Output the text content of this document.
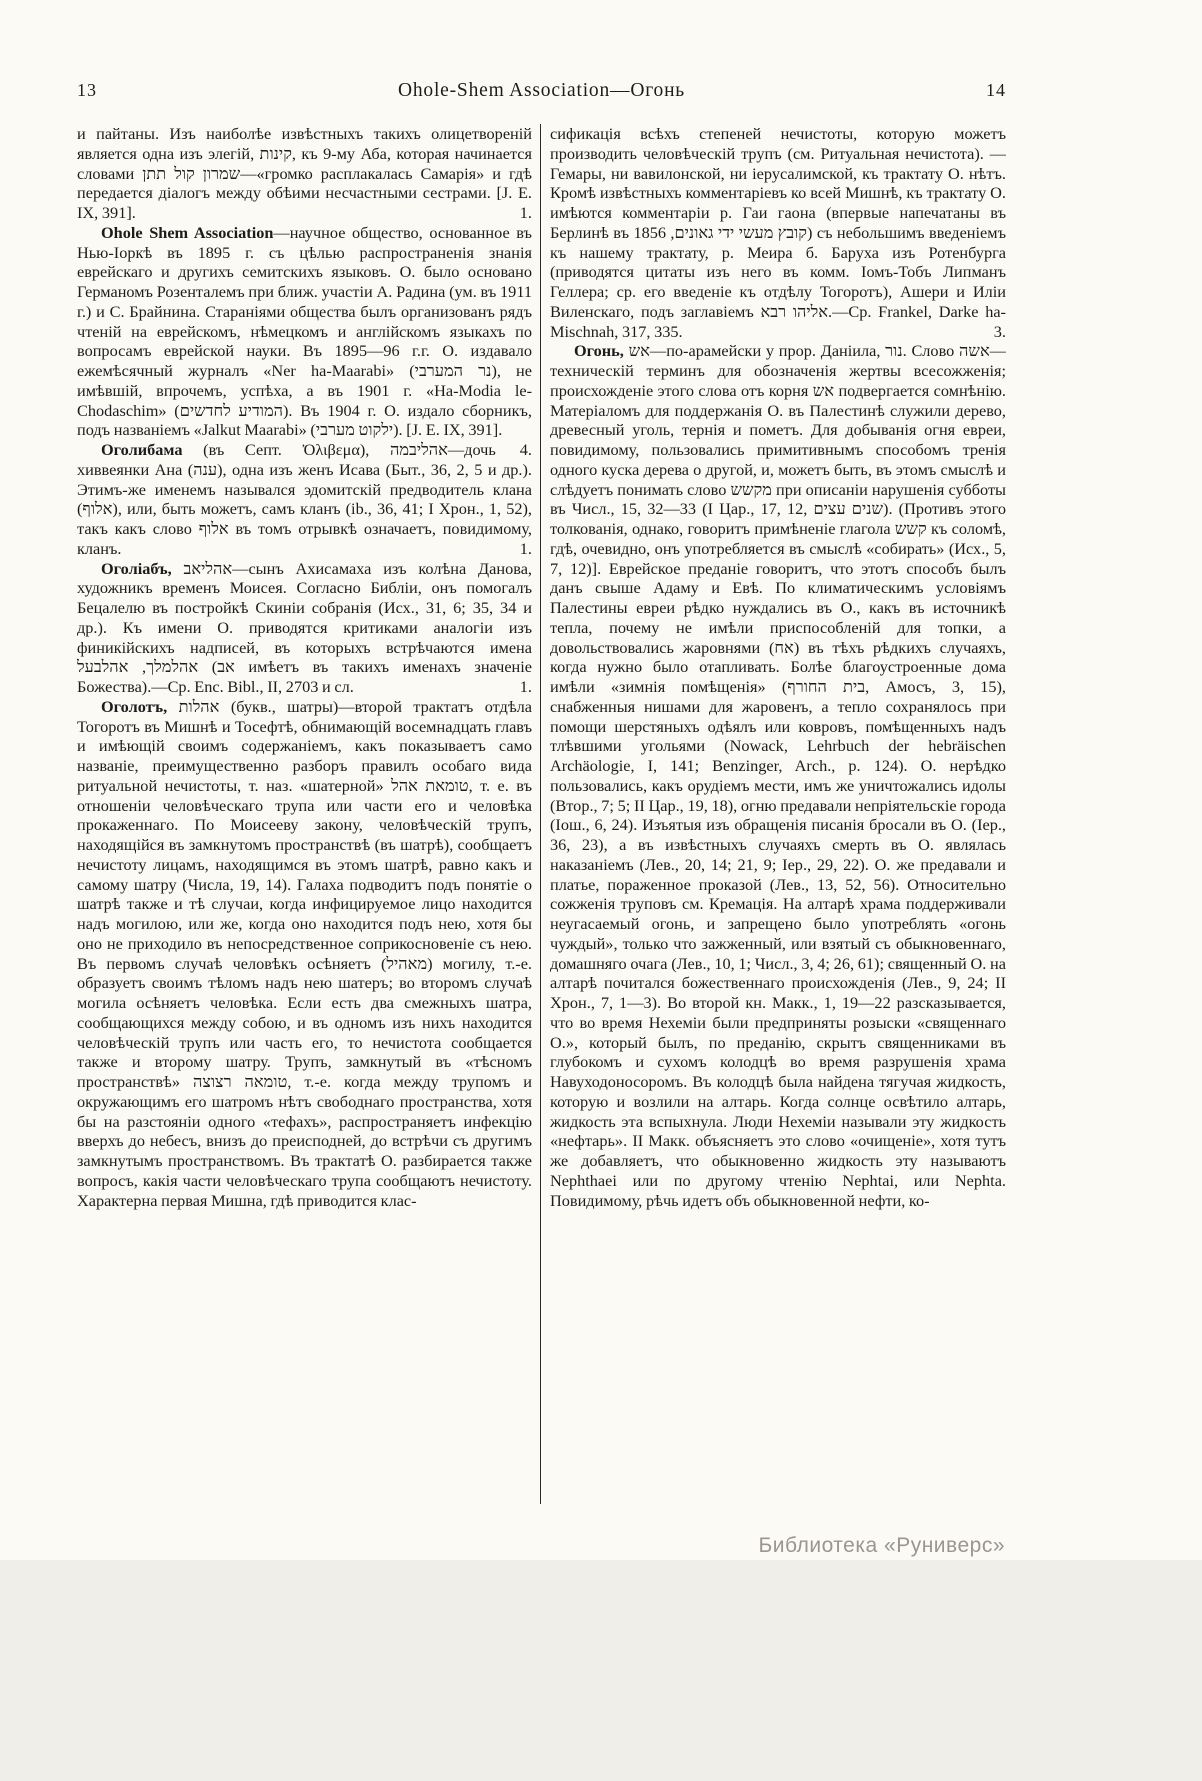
13	Ohole-Shem Association—Огонь	14

и пайтаны. Изъ наиболѣе извѣстныхъ такихъ олицетвореній является одна изъ элегій, קינות, къ 9-му Аба, которая начинается словами שמרון קול תתן—«громко расплакалась Самарія» и гдѣ передается діалогъ между обѣими несчастными сестрами. [J. E. IX, 391].	1.

Ohole Shem Association—научное общество, основанное въ Нью-Іоркѣ въ 1895 г. съ цѣлью распространенія знанія еврейскаго и другихъ семитскихъ языковъ. О. было основано Германомъ Розенталемъ при ближ. участіи А. Радина (ум. въ 1911 г.) и С. Брайнина. Стараніями общества былъ организованъ рядъ чтеній на еврейскомъ, нѣмецкомъ и англійскомъ языкахъ по вопросамъ еврейской науки. Въ 1895—96 г.г. О. издавало ежемѣсячный журналъ «Ner ha-Maarabi» (נר המערבי), не имѣвшій, впрочемъ, успѣха, а въ 1901 г. «Ha-Modia le-Chodaschim» (המודיע לחדשים). Въ 1904 г. О. издало сборникъ, подъ названіемъ «Jalkut Maarabi» (ילקוט מערבי). [J. E. IX, 391].
4.

Оголибама (въ Септ. Ὀλιβεμα), אהליבמה—дочь хиввеянки Ана (ענה), одна изъ женъ Исава (Быт., 36, 2, 5 и др.). Этимъ-же именемъ назывался эдомитскій предводитель клана (אלוף), или, быть можетъ, самъ кланъ (ib., 36, 41; I Хрон., 1, 52), такъ какъ слово אלוף въ томъ отрывкѣ означаетъ, повидимому, кланъ.	1.

Оголіабъ, אהליאב—сынъ Ахисамаха изъ колѣна Данова, художникъ временъ Моисея. Согласно Библіи, онъ помогалъ Бецалелю въ постройкѣ Скиніи собранія (Исх., 31, 6; 35, 34 и др.). Къ имени О. приводятся критиками аналогіи изъ финикійскихъ надписей, въ которыхъ встрѣчаются имена אהלמלך, אהלבעל (אב имѣетъ въ такихъ именахъ значеніе Божества).—Ср. Enc. Bibl., II, 2703 и сл.	1.

Оголотъ, אהלות (букв., шатры)—второй трактатъ отдѣла Тогоротъ въ Мишнѣ и Тосефтѣ, обнимающій восемнадцать главъ и имѣющій своимъ содержаніемъ, какъ показываетъ само названіе, преимущественно разборъ правилъ особаго вида ритуальной нечистоты, т. наз. «шатерной» טומאת אהל, т. е. въ отношеніи человѣческаго трупа или части его и человѣка прокаженнаго. По Моисееву закону, человѣческій трупъ, находящійся въ замкнутомъ пространствѣ (въ шатрѣ), сообщаетъ нечистоту лицамъ, находящимся въ этомъ шатрѣ, равно какъ и самому шатру (Числа, 19, 14). Галаха подводитъ подъ понятіе о шатрѣ также и тѣ случаи, когда инфицируемое лицо находится надъ могилою, или же, когда оно находится подъ нею, хотя бы оно не приходило въ непосредственное соприкосновеніе съ нею. Въ первомъ случаѣ человѣкъ осѣняетъ (מאהיל) могилу, т.-е. образуетъ своимъ тѣломъ надъ нею шатеръ; во второмъ случаѣ могила осѣняетъ человѣка. Если есть два смежныхъ шатра, сообщающихся между собою, и въ одномъ изъ нихъ находится человѣческій трупъ или часть его, то нечистота сообщается также и второму шатру. Трупъ, замкнутый въ «тѣсномъ пространствѣ» טומאה רצוצה, т.-е. когда между трупомъ и окружающимъ его шатромъ нѣтъ свободнаго пространства, хотя бы на разстояніи одного «тефахъ», распространяетъ инфекцію вверхъ до небесъ, внизъ до преисподней, до встрѣчи съ другимъ замкнутымъ пространствомъ. Въ трактатѣ О. разбирается также вопросъ, какія части человѣческаго трупа сообщаютъ нечистоту. Характерна первая Мишна, гдѣ приводится клас-

сификація всѣхъ степеней нечистоты, которую можетъ производить человѣческій трупъ (см. Ритуальная нечистота). — Гемары, ни вавилонской, ни іерусалимской, къ трактату О. нѣтъ. Кромѣ извѣстныхъ комментаріевъ ко всей Мишнѣ, къ трактату О. имѣются комментаріи р. Гаи гаона (впервые напечатаны въ Берлинѣ въ קובץ מעשי ידי גאונים, 1856) съ небольшимъ введеніемъ къ нашему трактату, р. Меира б. Баруха изъ Ротенбурга (приводятся цитаты изъ него въ комм. Іомъ-Тобъ Липманъ Геллера; ср. его введеніе къ отдѣлу Тогоротъ), Ашери и Иліи Виленскаго, подъ заглавіемъ אליהו רבא.—Ср. Frankel, Darke ha-Mischnah, 317, 335.	3.

Огонь, אש—по-арамейски у прор. Даніила, נור. Слово אשה—техническій терминъ для обозначенія жертвы всесожженія; происхожденіе этого слова отъ корня אש подвергается сомнѣнію. Матеріаломъ для поддержанія О. въ Палестинѣ служили дерево, древесный уголь, тернія и пометъ. Для добыванія огня евреи, повидимому, пользовались примитивнымъ способомъ тренія одного куска дерева о другой, и, можетъ быть, въ этомъ смыслѣ и слѣдуетъ понимать слово מקשש при описаніи нарушенія субботы въ Числ., 15, 32—33 (I Цар., 17, 12, שנים עצים). (Противъ этого толкованія, однако, говоритъ примѣненіе глагола קשש къ соломѣ, гдѣ, очевидно, онъ употребляется въ смыслѣ «собирать» (Исх., 5, 7, 12)]. Еврейское преданіе говоритъ, что этотъ способъ былъ данъ свыше Адаму и Евѣ. По климатическимъ условіямъ Палестины евреи рѣдко нуждались въ О., какъ въ источникѣ тепла, почему не имѣли приспособленій для топки, а довольствовались жаровнями (אח) въ тѣхъ рѣдкихъ случаяхъ, когда нужно было отапливать. Болѣе благоустроенные дома имѣли «зимнія помѣщенія» (בית החורף, Амосъ, 3, 15), снабженныя нишами для жаровенъ, а тепло сохранялось при помощи шерстяныхъ одѣялъ или ковровъ, помѣщенныхъ надъ тлѣвшими угольями (Nowack, Lehrbuch der hebräischen Archäologie, I, 141; Benzinger, Arch., p. 124). О. нерѣдко пользовались, какъ орудіемъ мести, имъ же уничтожались идолы (Втор., 7; 5; II Цар., 19, 18), огню предавали непріятельскіе города (Іош., 6, 24). Изъятыя изъ обращенія писанія бросали въ О. (Іер., 36, 23), а въ извѣстныхъ случаяхъ смерть въ О. являлась наказаніемъ (Лев., 20, 14; 21, 9; Іер., 29, 22). О. же предавали и платье, пораженное проказой (Лев., 13, 52, 56). Относительно сожженія труповъ см. Кремація. На алтарѣ храма поддерживали неугасаемый огонь, и запрещено было употреблять «огонь чуждый», только что зажженный, или взятый съ обыкновеннаго, домашняго очага (Лев., 10, 1; Числ., 3, 4; 26, 61); священный О. на алтарѣ почитался божественнаго происхожденія (Лев., 9, 24; II Хрон., 7, 1—3). Во второй кн. Макк., 1, 19—22 разсказывается, что во время Нехеміи были предприняты розыски «священнаго О.», который былъ, по преданію, скрытъ священниками въ глубокомъ и сухомъ колодцѣ во время разрушенія храма Навуходоносоромъ. Въ колодцѣ была найдена тягучая жидкость, которую и возлили на алтарь. Когда солнце освѣтило алтарь, жидкость эта вспыхнула. Люди Нехеміи называли эту жидкость «нефтарь». II Макк. объясняетъ это слово «очищеніе», хотя тутъ же добавляетъ, что обыкновенно жидкость эту называютъ Nephthaei или по другому чтенію Nephtai, или Nephta. Повидимому, рѣчь идетъ объ обыкновенной нефти, ко-

Библиотека «Руниверс»
